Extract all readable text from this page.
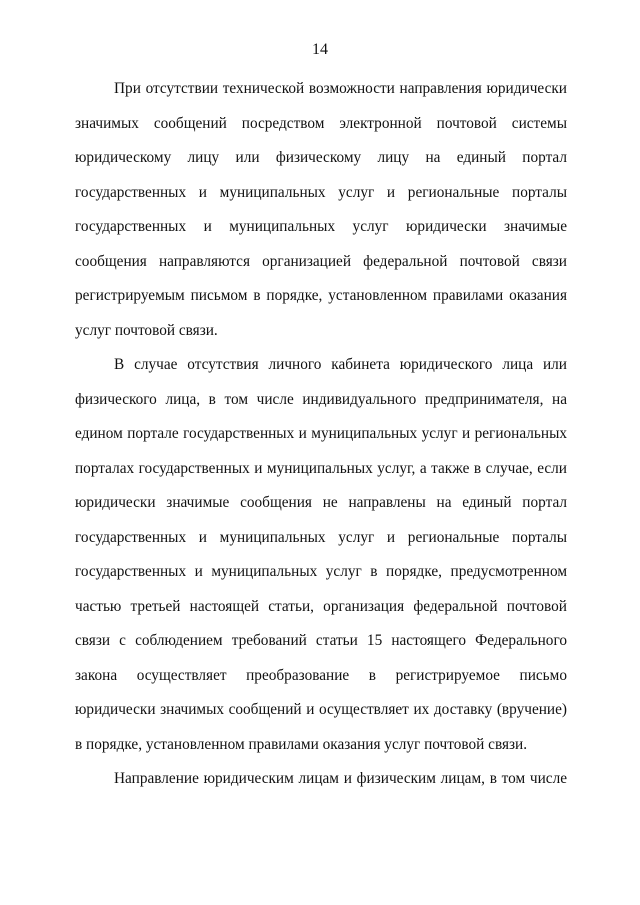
14
При отсутствии технической возможности направления юридически
значимых сообщений посредством электронной почтовой системы
юридическому лицу или физическому лицу на единый портал
государственных и муниципальных услуг и региональные порталы
государственных и муниципальных услуг юридически значимые
сообщения направляются организацией федеральной почтовой связи
регистрируемым письмом в порядке, установленном правилами оказания
услуг почтовой связи.
В случае отсутствия личного кабинета юридического лица или
физического лица, в том числе индивидуального предпринимателя, на
едином портале государственных и муниципальных услуг и региональных
порталах государственных и муниципальных услуг, а также в случае, если
юридически значимые сообщения не направлены на единый портал
государственных и муниципальных услуг и региональные порталы
государственных и муниципальных услуг в порядке, предусмотренном
частью третьей настоящей статьи, организация федеральной почтовой
связи с соблюдением требований статьи 15 настоящего Федерального
закона осуществляет преобразование в регистрируемое письмо
юридически значимых сообщений и осуществляет их доставку (вручение)
в порядке, установленном правилами оказания услуг почтовой связи.
Направление юридическим лицам и физическим лицам, в том числе
